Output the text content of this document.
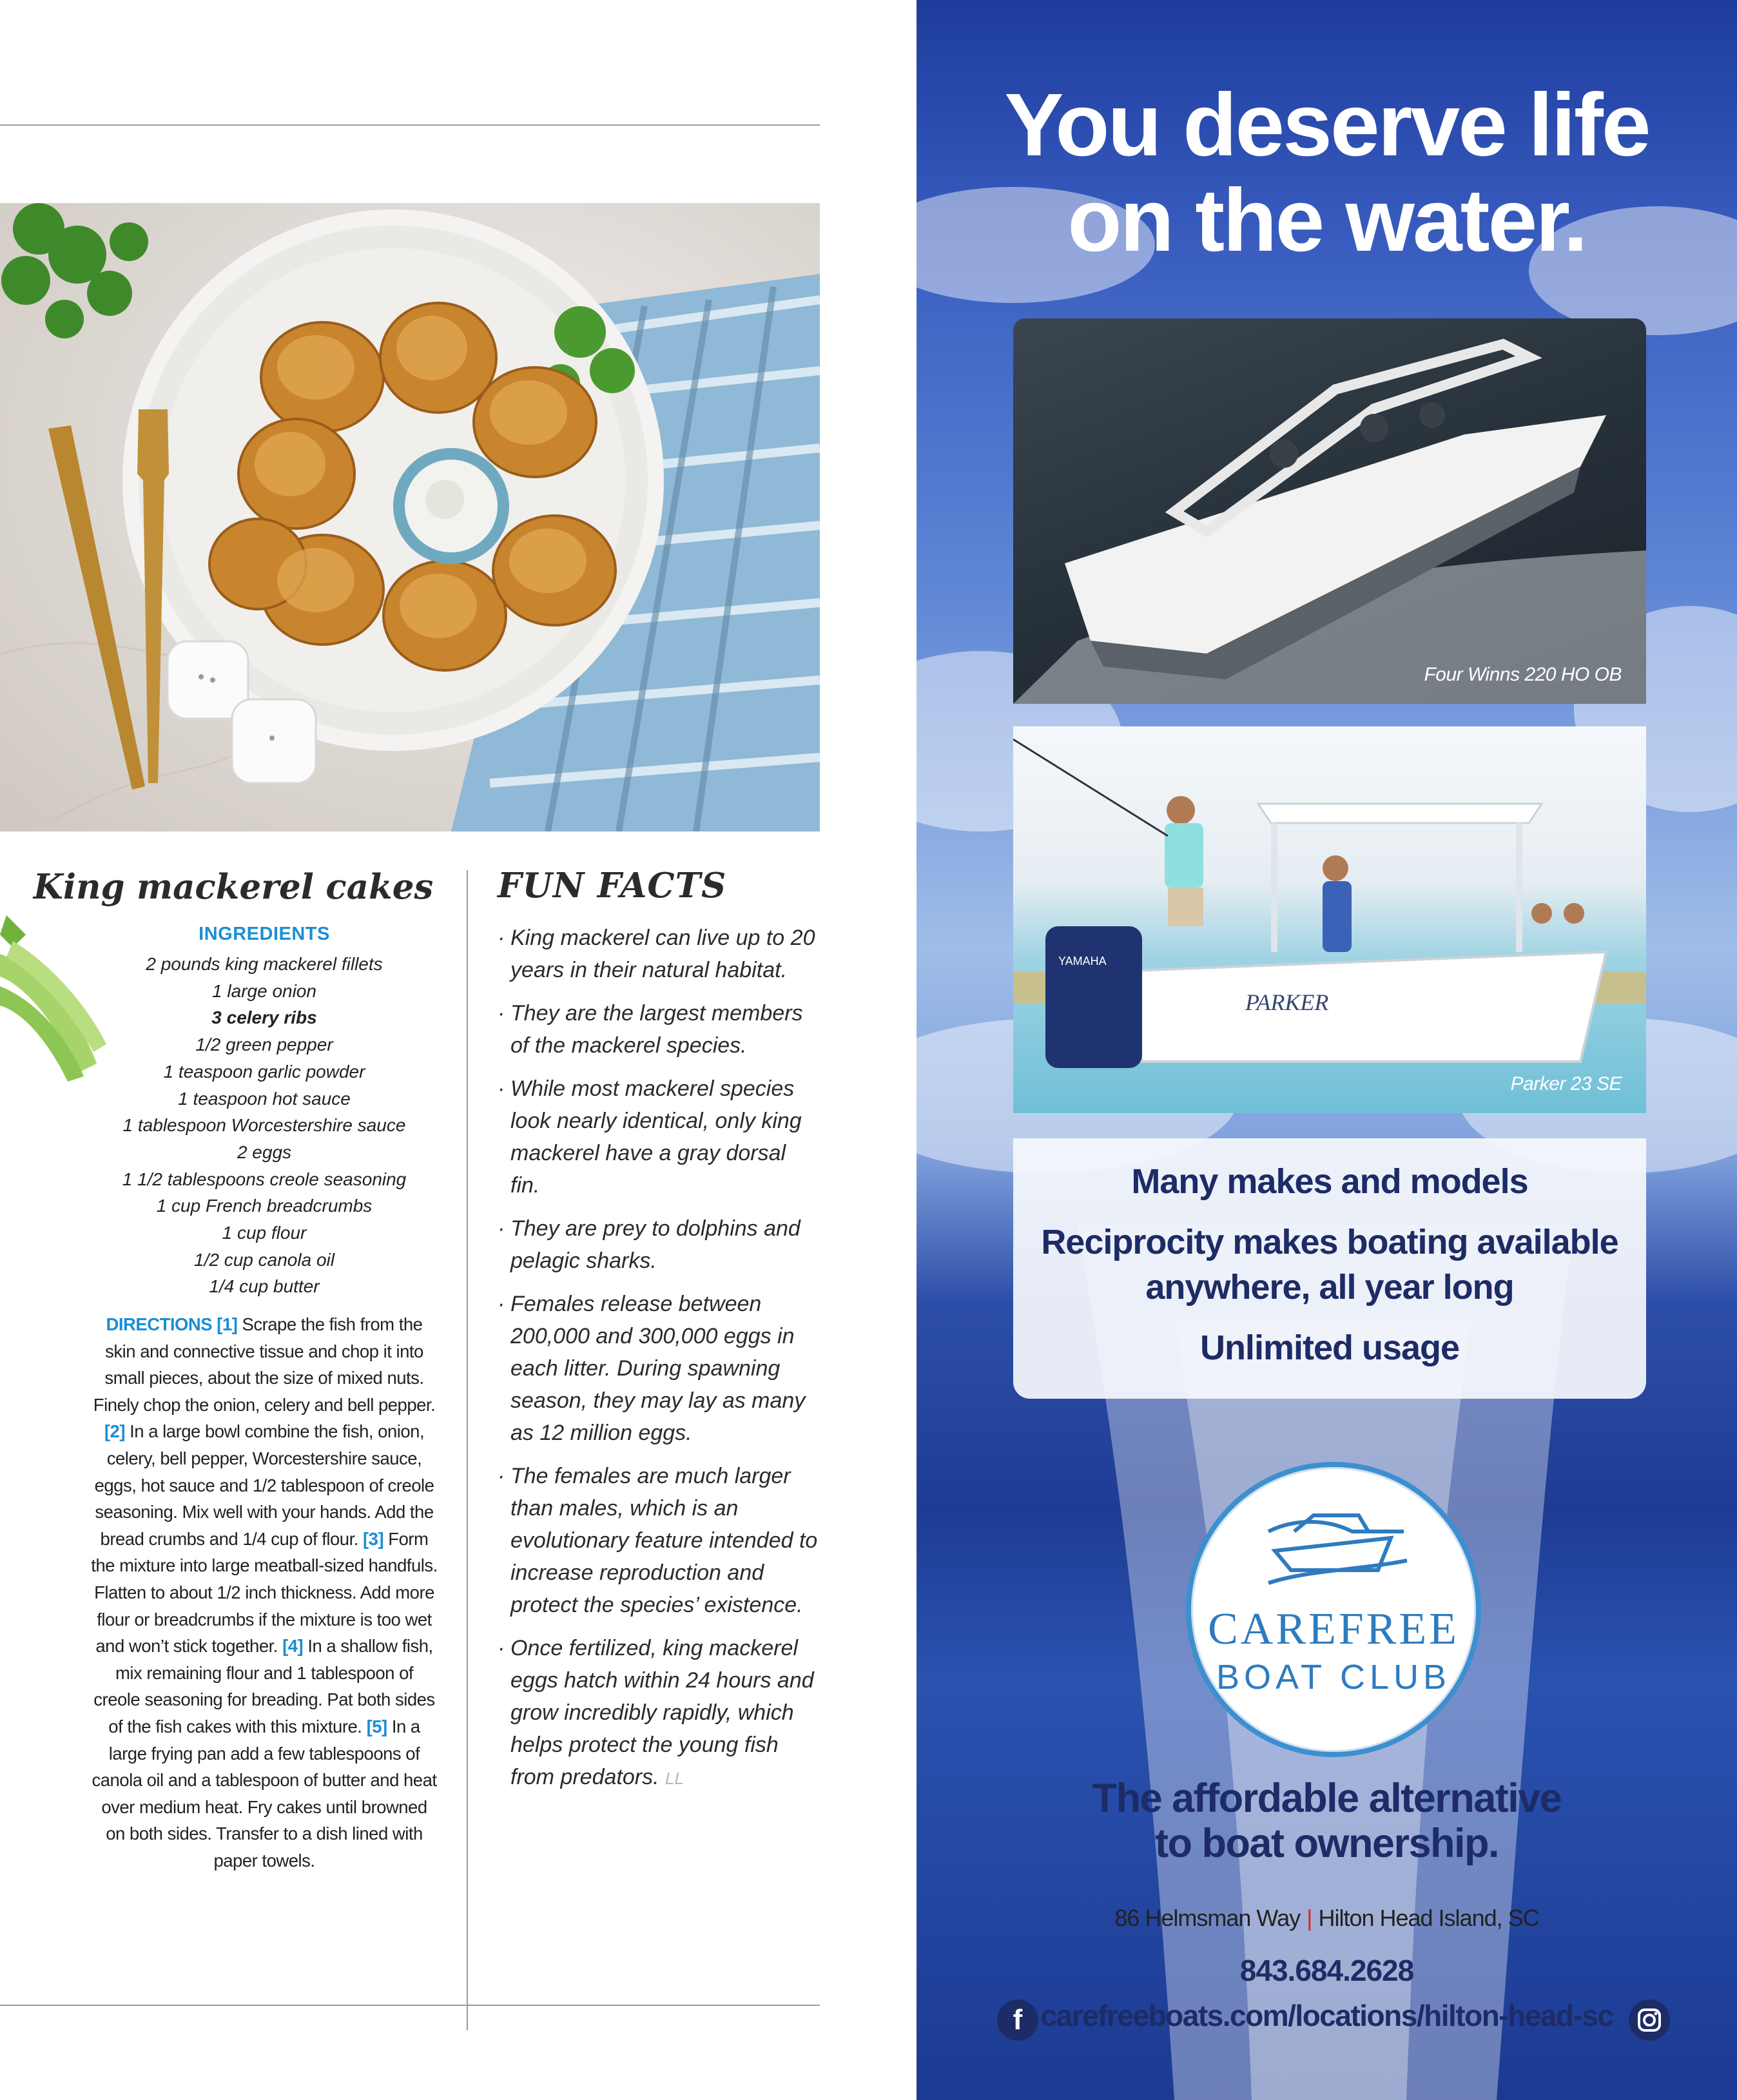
King mackerel cakes
INGREDIENTS
2 pounds king mackerel fillets
1 large onion
3 celery ribs
1/2 green pepper
1 teaspoon garlic powder
1 teaspoon hot sauce
1 tablespoon Worcestershire sauce
2 eggs
1 1/2 tablespoons creole seasoning
1 cup French breadcrumbs
1 cup flour
1/2 cup canola oil
1/4 cup butter

DIRECTIONS [1] Scrape the fish from the skin and connective tissue and chop it into small pieces, about the size of mixed nuts. Finely chop the onion, celery and bell pepper. [2] In a large bowl combine the fish, onion, celery, bell pepper, Worcestershire sauce, eggs, hot sauce and 1/2 tablespoon of creole seasoning. Mix well with your hands. Add the bread crumbs and 1/4 cup of flour. [3] Form the mixture into large meatball-sized handfuls. Flatten to about 1/2 inch thickness. Add more flour or breadcrumbs if the mixture is too wet and won’t stick together. [4] In a shallow fish, mix remaining flour and 1 tablespoon of creole seasoning for breading. Pat both sides of the fish cakes with this mixture. [5] In a large frying pan add a few tablespoons of canola oil and a tablespoon of butter and heat over medium heat. Fry cakes until browned on both sides. Transfer to a dish lined with paper towels.

FUN FACTS
· King mackerel can live up to 20 years in their natural habitat.
· They are the largest members of the mackerel species.
· While most mackerel species look nearly identical, only king mackerel have a gray dorsal fin.
· They are prey to dolphins and pelagic sharks.
· Females release between 200,000 and 300,000 eggs in each litter. During spawning season, they may lay as many as 12 million eggs.
· The females are much larger than males, which is an evolutionary feature intended to increase reproduction and protect the species’ existence.
· Once fertilized, king mackerel eggs hatch within 24 hours and grow incredibly rapidly, which helps protect the young fish from predators. LL
You deserve life
on the water.
Four Winns 220 HO OB
PARKER
YAMAHA
Parker 23 SE

Many makes and models

Reciprocity makes boating available

anywhere, all year long

Unlimited usage

CAREFREE
BOAT CLUB
The affordable alternative
to boat ownership.
86 Helmsman Way | Hilton Head Island, SC
843.684.2628
f carefreeboats.com/locations/hilton-head-sc
